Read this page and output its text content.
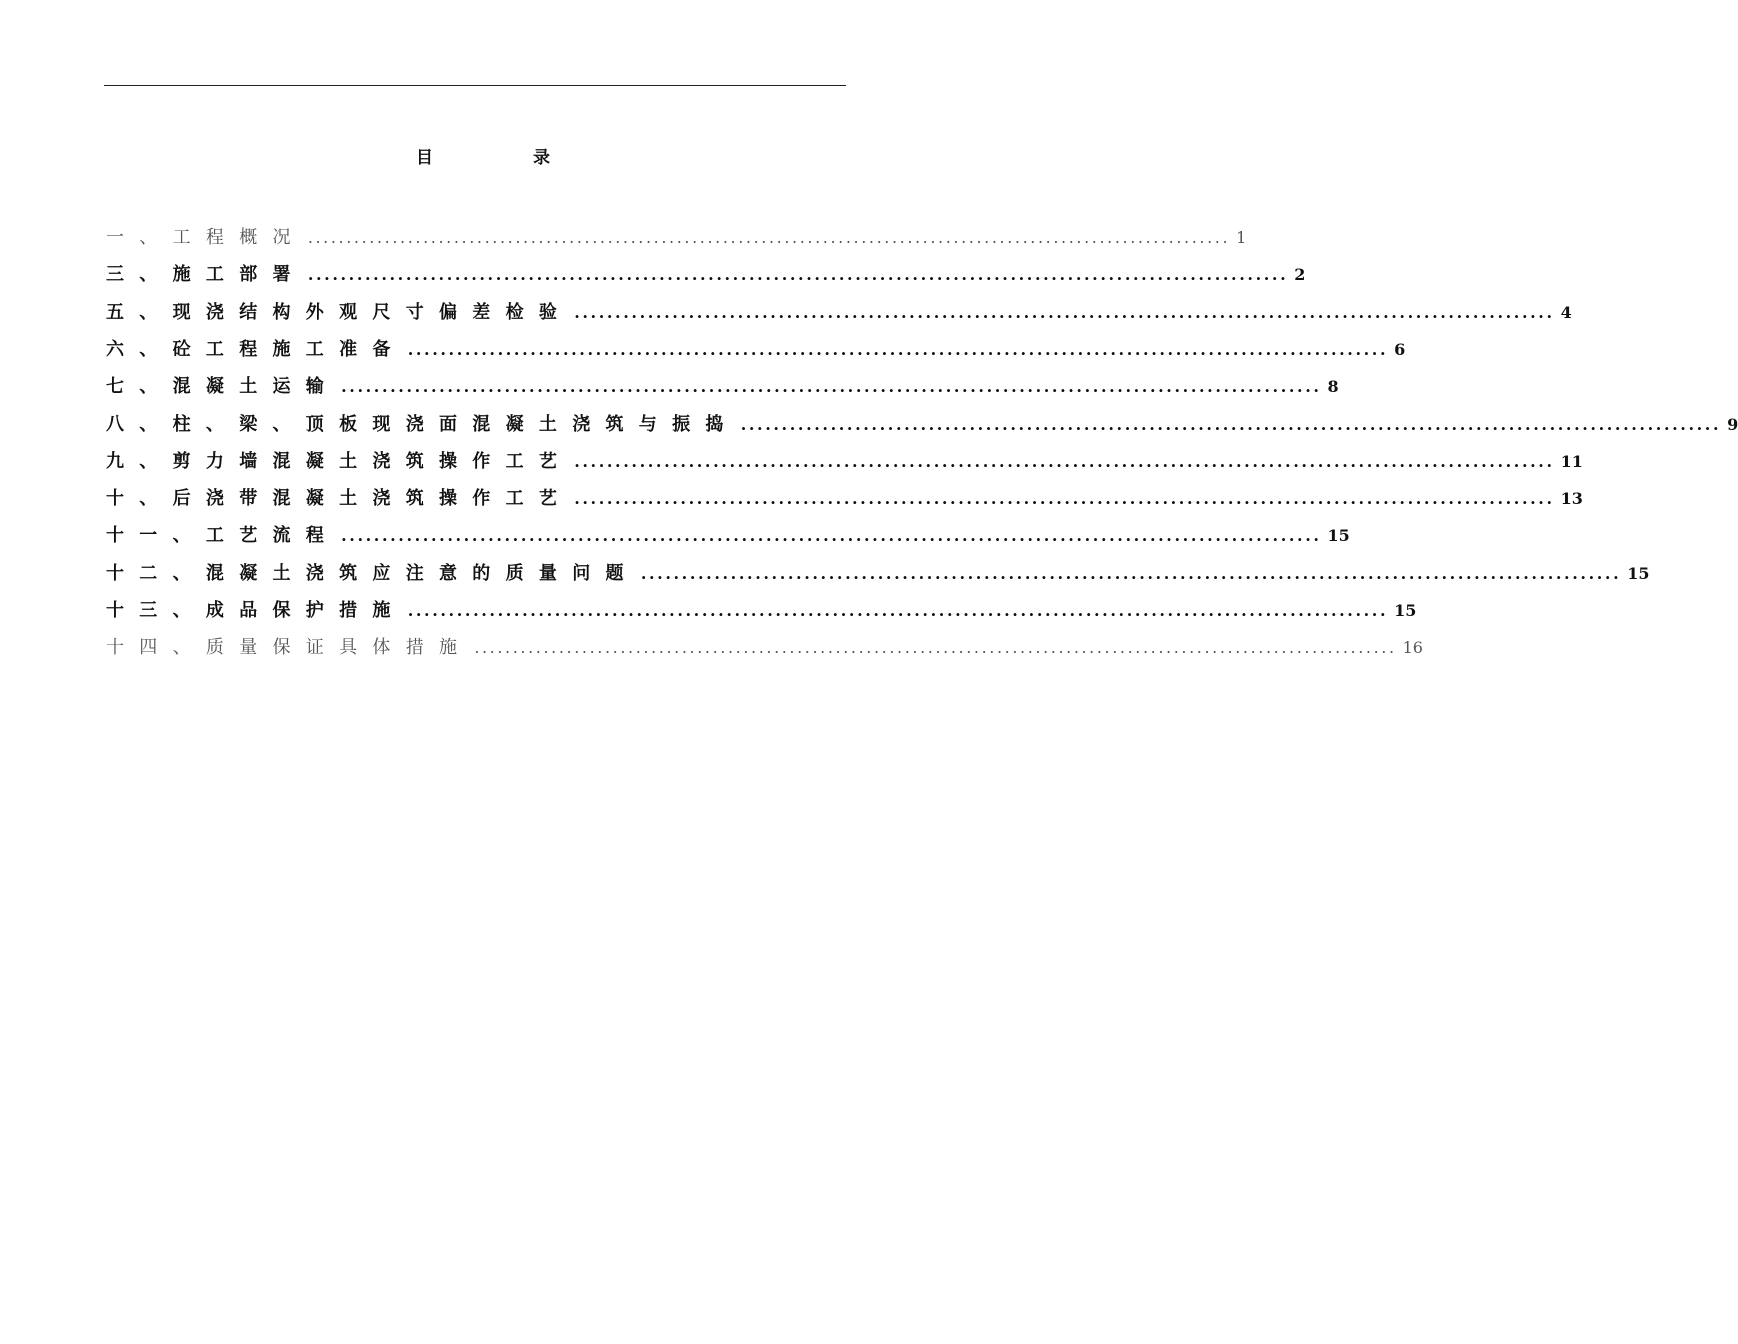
目	录
一、工程概况 ........................................................................................................................ 1
三、施工部署 ........................................................................................................................ 2
五、现浇结构外观尺寸偏差检验 ........................................................................................................................ 4
六、砼工程施工准备 ........................................................................................................................ 6
七、混凝土运输 ........................................................................................................................ 8
八、柱、梁、顶板现浇面混凝土浇筑与振捣 ........................................................................................................................ 9
九、剪力墙混凝土浇筑操作工艺 ........................................................................................................................ 11
十、后浇带混凝土浇筑操作工艺 ........................................................................................................................ 13
十一、工艺流程 ........................................................................................................................ 15
十二、混凝土浇筑应注意的质量问题 ........................................................................................................................ 15
十三、成品保护措施 ........................................................................................................................ 15
十四、质量保证具体措施 ........................................................................................................................ 16
